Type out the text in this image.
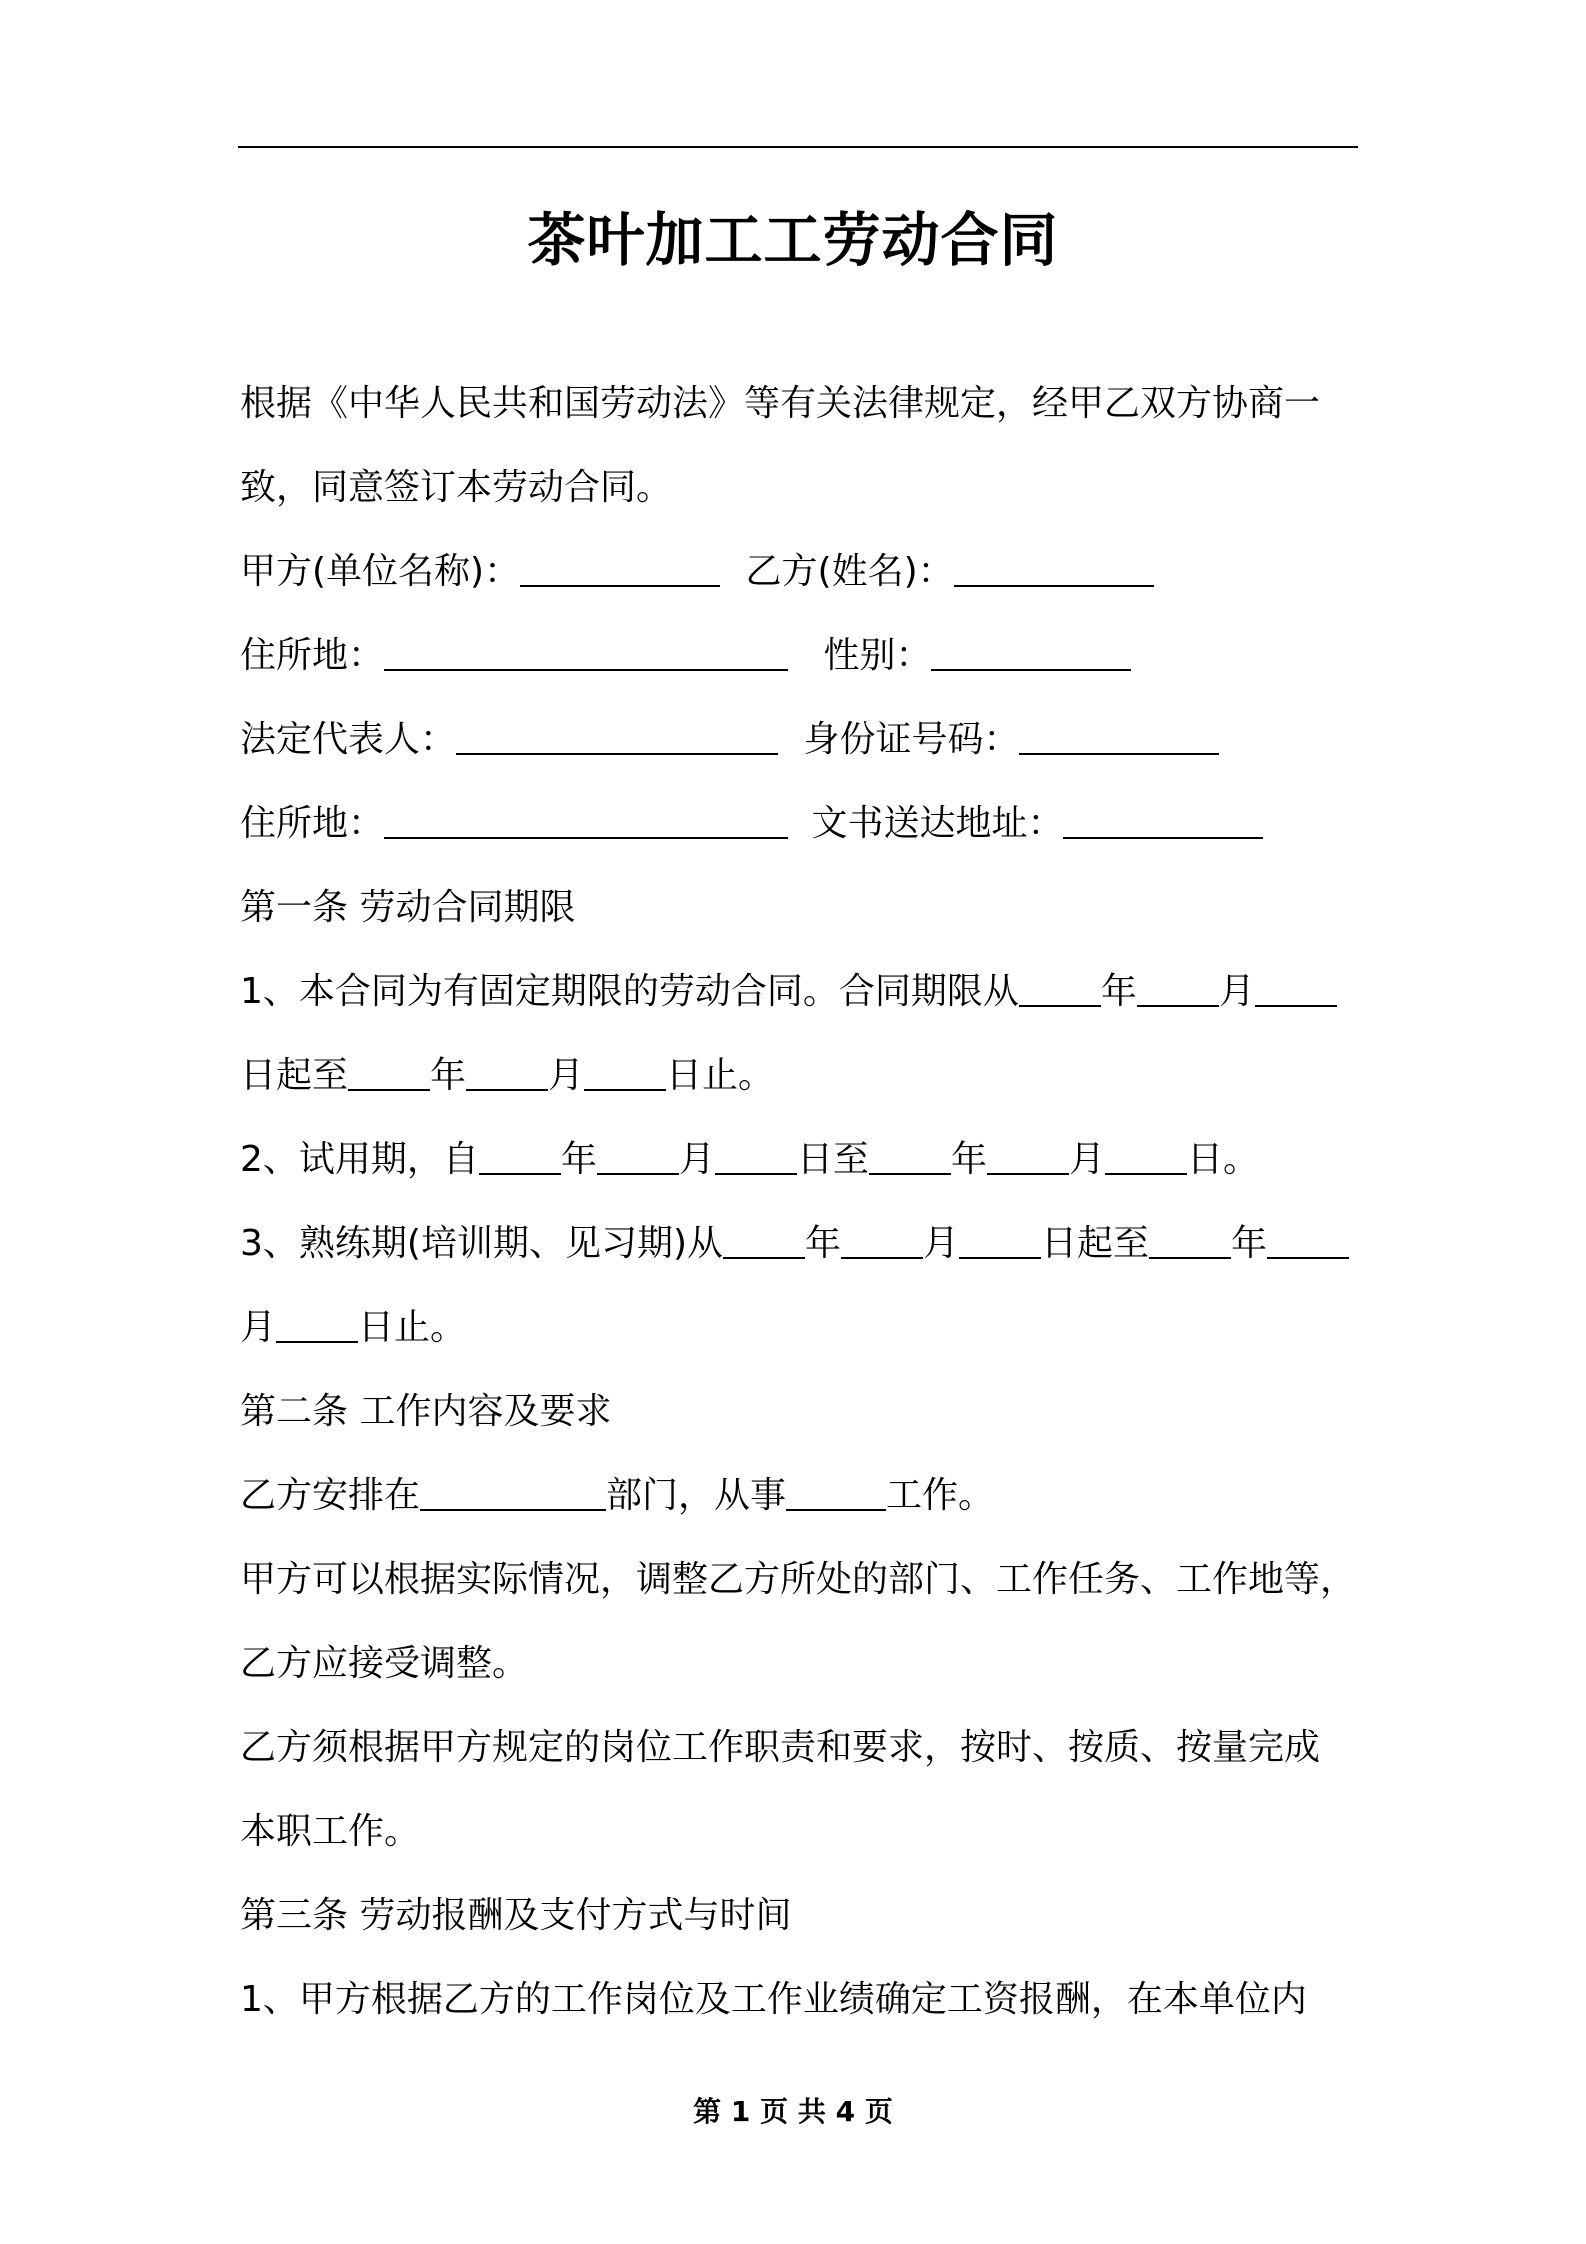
茶叶加工工劳动合同
根据《中华人民共和国劳动法》等有关法律规定，经甲乙双方协商一
致，同意签订本劳动合同。
甲方(单位名称)：	乙方(姓名)：
住所地：	性别：
法定代表人：	身份证号码：
住所地：	文书送达地址：
第一条 劳动合同期限
1、本合同为有固定期限的劳动合同。合同期限从 年 月
日起至 年 月 日止。
2、试用期，自 年 月 日至 年 月 日。
3、熟练期(培训期、见习期)从 年 月 日起至 年
月 日止。
第二条 工作内容及要求
乙方安排在	部门，从事	工作。
甲方可以根据实际情况，调整乙方所处的部门、工作任务、工作地等，
乙方应接受调整。
乙方须根据甲方规定的岗位工作职责和要求，按时、按质、按量完成
本职工作。
第三条 劳动报酬及支付方式与时间
1、甲方根据乙方的工作岗位及工作业绩确定工资报酬，在本单位内
第 1 页 共 4 页
